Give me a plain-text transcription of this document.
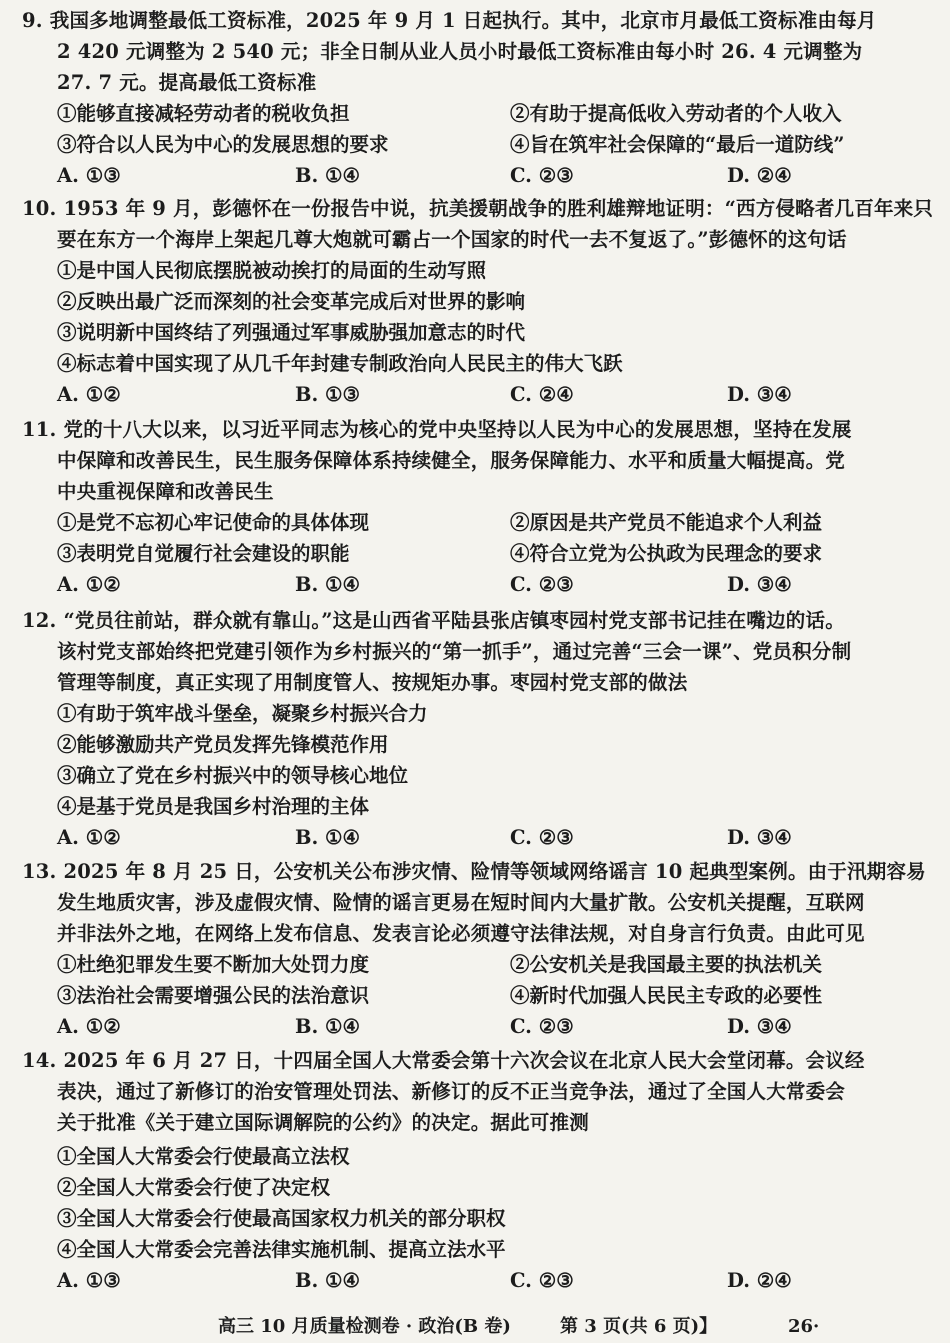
9. 我国多地调整最低工资标准，2025 年 9 月 1 日起执行。其中，北京市月最低工资标准由每月
2 420 元调整为 2 540 元；非全日制从业人员小时最低工资标准由每小时 26. 4 元调整为
27. 7 元。提高最低工资标准
①能够直接减轻劳动者的税收负担	②有助于提高低收入劳动者的个人收入
③符合以人民为中心的发展思想的要求	④旨在筑牢社会保障的“最后一道防线”
A. ①③	B. ①④	C. ②③	D. ②④
10. 1953 年 9 月，彭德怀在一份报告中说，抗美援朝战争的胜利雄辩地证明：“西方侵略者几百年来只
要在东方一个海岸上架起几尊大炮就可霸占一个国家的时代一去不复返了。”彭德怀的这句话
①是中国人民彻底摆脱被动挨打的局面的生动写照
②反映出最广泛而深刻的社会变革完成后对世界的影响
③说明新中国终结了列强通过军事威胁强加意志的时代
④标志着中国实现了从几千年封建专制政治向人民民主的伟大飞跃
A. ①②	B. ①③	C. ②④	D. ③④
11. 党的十八大以来，以习近平同志为核心的党中央坚持以人民为中心的发展思想，坚持在发展
中保障和改善民生，民生服务保障体系持续健全，服务保障能力、水平和质量大幅提高。党
中央重视保障和改善民生
①是党不忘初心牢记使命的具体体现	②原因是共产党员不能追求个人利益
③表明党自觉履行社会建设的职能	④符合立党为公执政为民理念的要求
A. ①②	B. ①④	C. ②③	D. ③④
12. “党员往前站，群众就有靠山。”这是山西省平陆县张店镇枣园村党支部书记挂在嘴边的话。
该村党支部始终把党建引领作为乡村振兴的“第一抓手”，通过完善“三会一课”、党员积分制
管理等制度，真正实现了用制度管人、按规矩办事。枣园村党支部的做法
①有助于筑牢战斗堡垒，凝聚乡村振兴合力
②能够激励共产党员发挥先锋模范作用
③确立了党在乡村振兴中的领导核心地位
④是基于党员是我国乡村治理的主体
A. ①②	B. ①④	C. ②③	D. ③④
13. 2025 年 8 月 25 日，公安机关公布涉灾情、险情等领域网络谣言 10 起典型案例。由于汛期容易
发生地质灾害，涉及虚假灾情、险情的谣言更易在短时间内大量扩散。公安机关提醒，互联网
并非法外之地，在网络上发布信息、发表言论必须遵守法律法规，对自身言行负责。由此可见
①杜绝犯罪发生要不断加大处罚力度	②公安机关是我国最主要的执法机关
③法治社会需要增强公民的法治意识	④新时代加强人民民主专政的必要性
A. ①②	B. ①④	C. ②③	D. ③④
14. 2025 年 6 月 27 日，十四届全国人大常委会第十六次会议在北京人民大会堂闭幕。会议经
表决，通过了新修订的治安管理处罚法、新修订的反不正当竞争法，通过了全国人大常委会
关于批准《关于建立国际调解院的公约》的决定。据此可推测
①全国人大常委会行使最高立法权
②全国人大常委会行使了决定权
③全国人大常委会行使最高国家权力机关的部分职权
④全国人大常委会完善法律实施机制、提高立法水平
A. ①③	B. ①④	C. ②③	D. ②④
高三 10 月质量检测卷 · 政治(B 卷)	第 3 页(共 6 页)】	26·
